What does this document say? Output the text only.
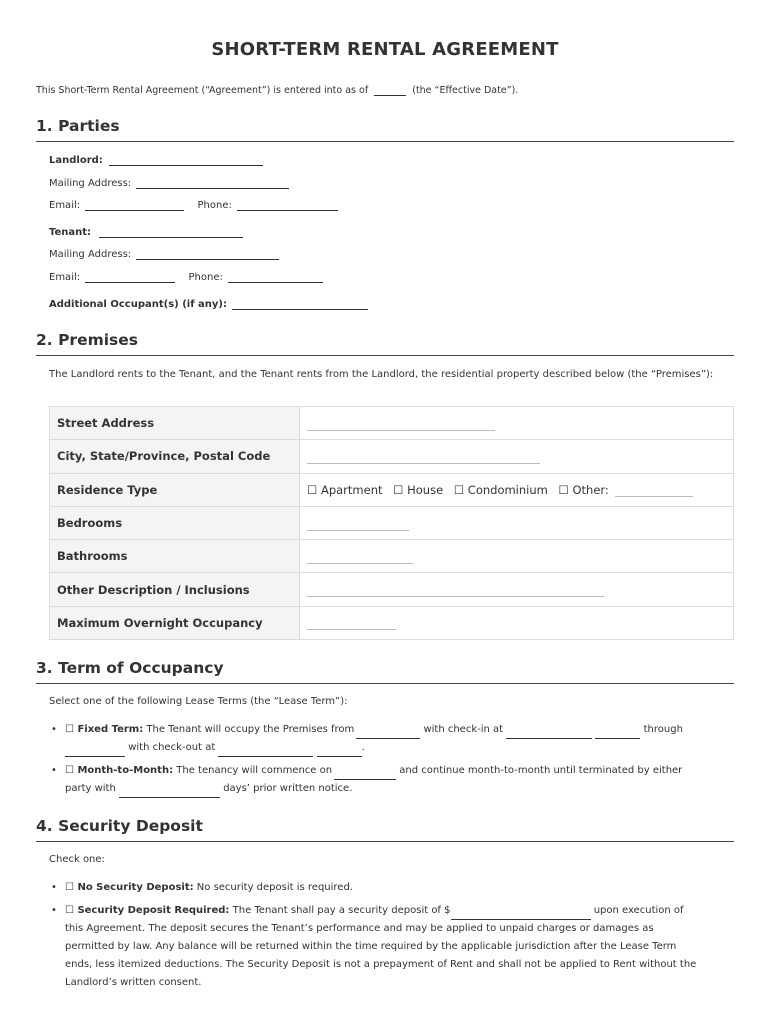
SHORT-TERM RENTAL AGREEMENT
This Short-Term Rental Agreement (“Agreement”) is entered into as of	(the “Effective Date”).
1. Parties
Landlord:
Mailing Address:
Email:	Phone:
Tenant:
Mailing Address:
Email:	Phone:
Additional Occupant(s) (if any):
2. Premises
The Landlord rents to the Tenant, and the Tenant rents from the Landlord, the residential property described below (the “Premises”):
Street Address	
City, State/Province, Postal Code	
Residence Type	☐ Apartment ☐ House ☐ Condominium ☐ Other:
Bedrooms	
Bathrooms	
Other Description / Inclusions	
Maximum Overnight Occupancy	
3. Term of Occupancy
Select one of the following Lease Terms (the “Lease Term”):
• ☐ Fixed Term: The Tenant will occupy the Premises from	with check-in at	through
with check-out at	.
• ☐ Month-to-Month: The tenancy will commence on	and continue month-to-month until terminated by either
party with	days’ prior written notice.
4. Security Deposit
Check one:
• ☐ No Security Deposit: No security deposit is required.
• ☐ Security Deposit Required: The Tenant shall pay a security deposit of $	upon execution of
this Agreement. The deposit secures the Tenant’s performance and may be applied to unpaid charges or damages as
permitted by law. Any balance will be returned within the time required by the applicable jurisdiction after the Lease Term
ends, less itemized deductions. The Security Deposit is not a prepayment of Rent and shall not be applied to Rent without the
Landlord’s written consent.
